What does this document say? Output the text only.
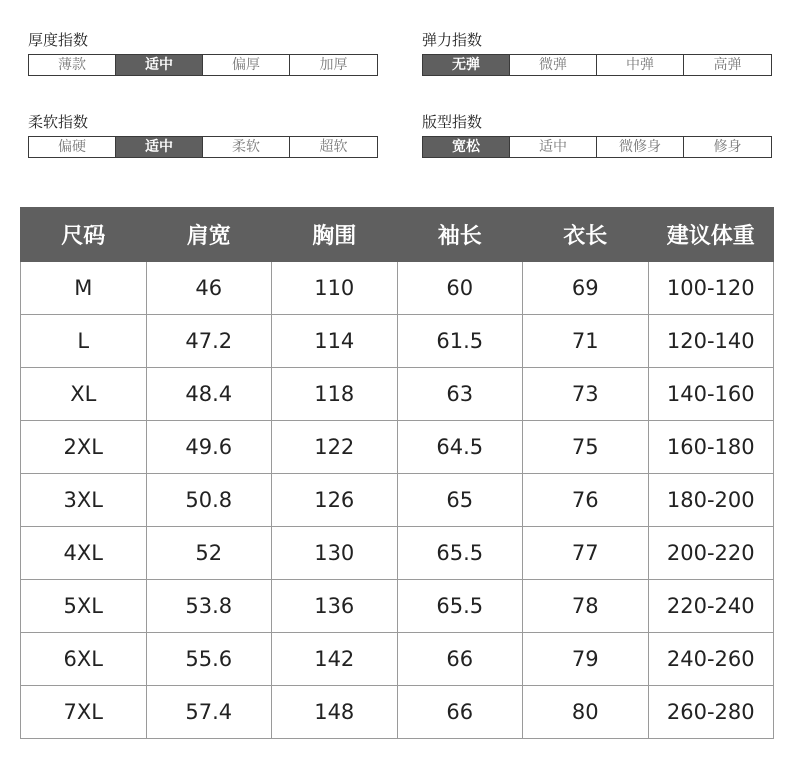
厚度指数
薄款	适中	偏厚	加厚
弹力指数
无弹	微弹	中弹	高弹
柔软指数
偏硬	适中	柔软	超软
版型指数
宽松	适中	微修身	修身
尺码	肩宽	胸围	袖长	衣长	建议体重
M	46	110	60	69	100-120
L	47.2	114	61.5	71	120-140
XL	48.4	118	63	73	140-160
2XL	49.6	122	64.5	75	160-180
3XL	50.8	126	65	76	180-200
4XL	52	130	65.5	77	200-220
5XL	53.8	136	65.5	78	220-240
6XL	55.6	142	66	79	240-260
7XL	57.4	148	66	80	260-280
